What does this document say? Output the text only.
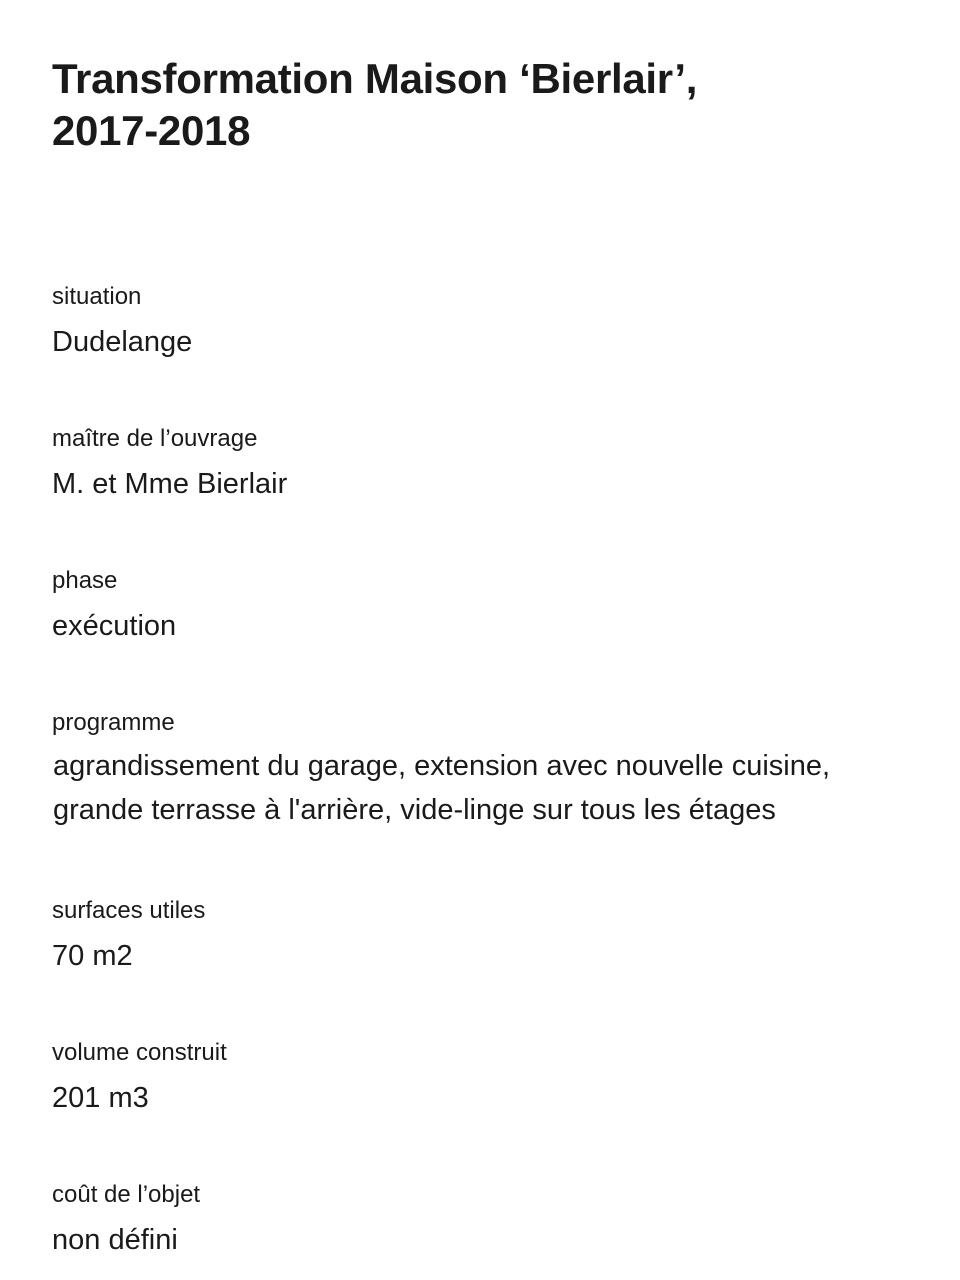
Transformation Maison ‘Bierlair’,
2017-2018
situation
Dudelange
maître de l’ouvrage
M. et Mme Bierlair
phase
exécution
programme
agrandissement du garage, extension avec nouvelle cuisine,
grande terrasse à l'arrière, vide-linge sur tous les étages
surfaces utiles
70 m2
volume construit
201 m3
coût de l’objet
non défini
